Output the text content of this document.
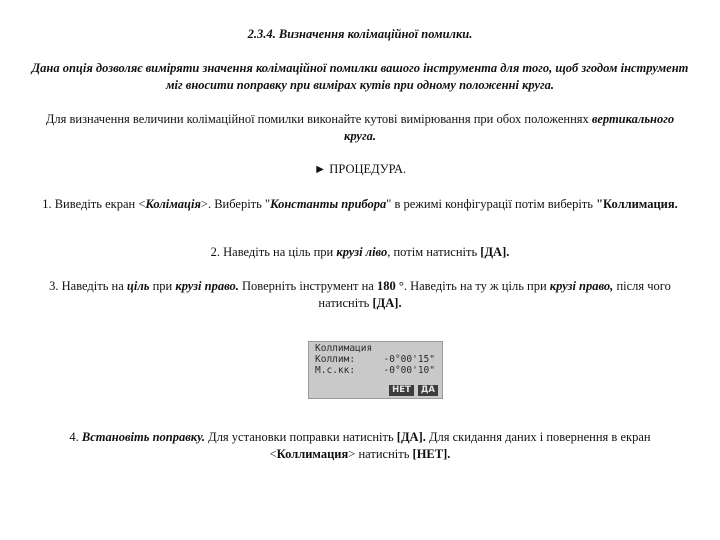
2.3.4. Визначення колімаційної помилки.

Дана опція дозволяє виміряти значення колімаційної помилки вашого інструмента для того, щоб згодом інструмент міг вносити поправку при вимірах кутів при одному положенні круга.

Для визначення величини колімаційної помилки виконайте кутові вимірювання при обох положеннях вертикального круга.

► ПРОЦЕДУРА.

1. Виведіть екран <Колімація>. Виберіть "Константы прибора" в режимі конфігурації потім виберіть "Коллимация.

2. Наведіть на ціль при крузі ліво, потім натисніть [ДА].

3. Наведіть на ціль при крузі право. Поверніть інструмент на 180 °. Наведіть на ту ж ціль при крузі право, після чого натисніть [ДА].

Коллимация
Коллим:	-0°00'15"
М.с.кк:	-0°00'10"
НЕТ	ДА

4. Встановіть поправку. Для установки поправки натисніть [ДА]. Для скидання даних і повернення в екран <Коллимация> натисніть [НЕТ].
